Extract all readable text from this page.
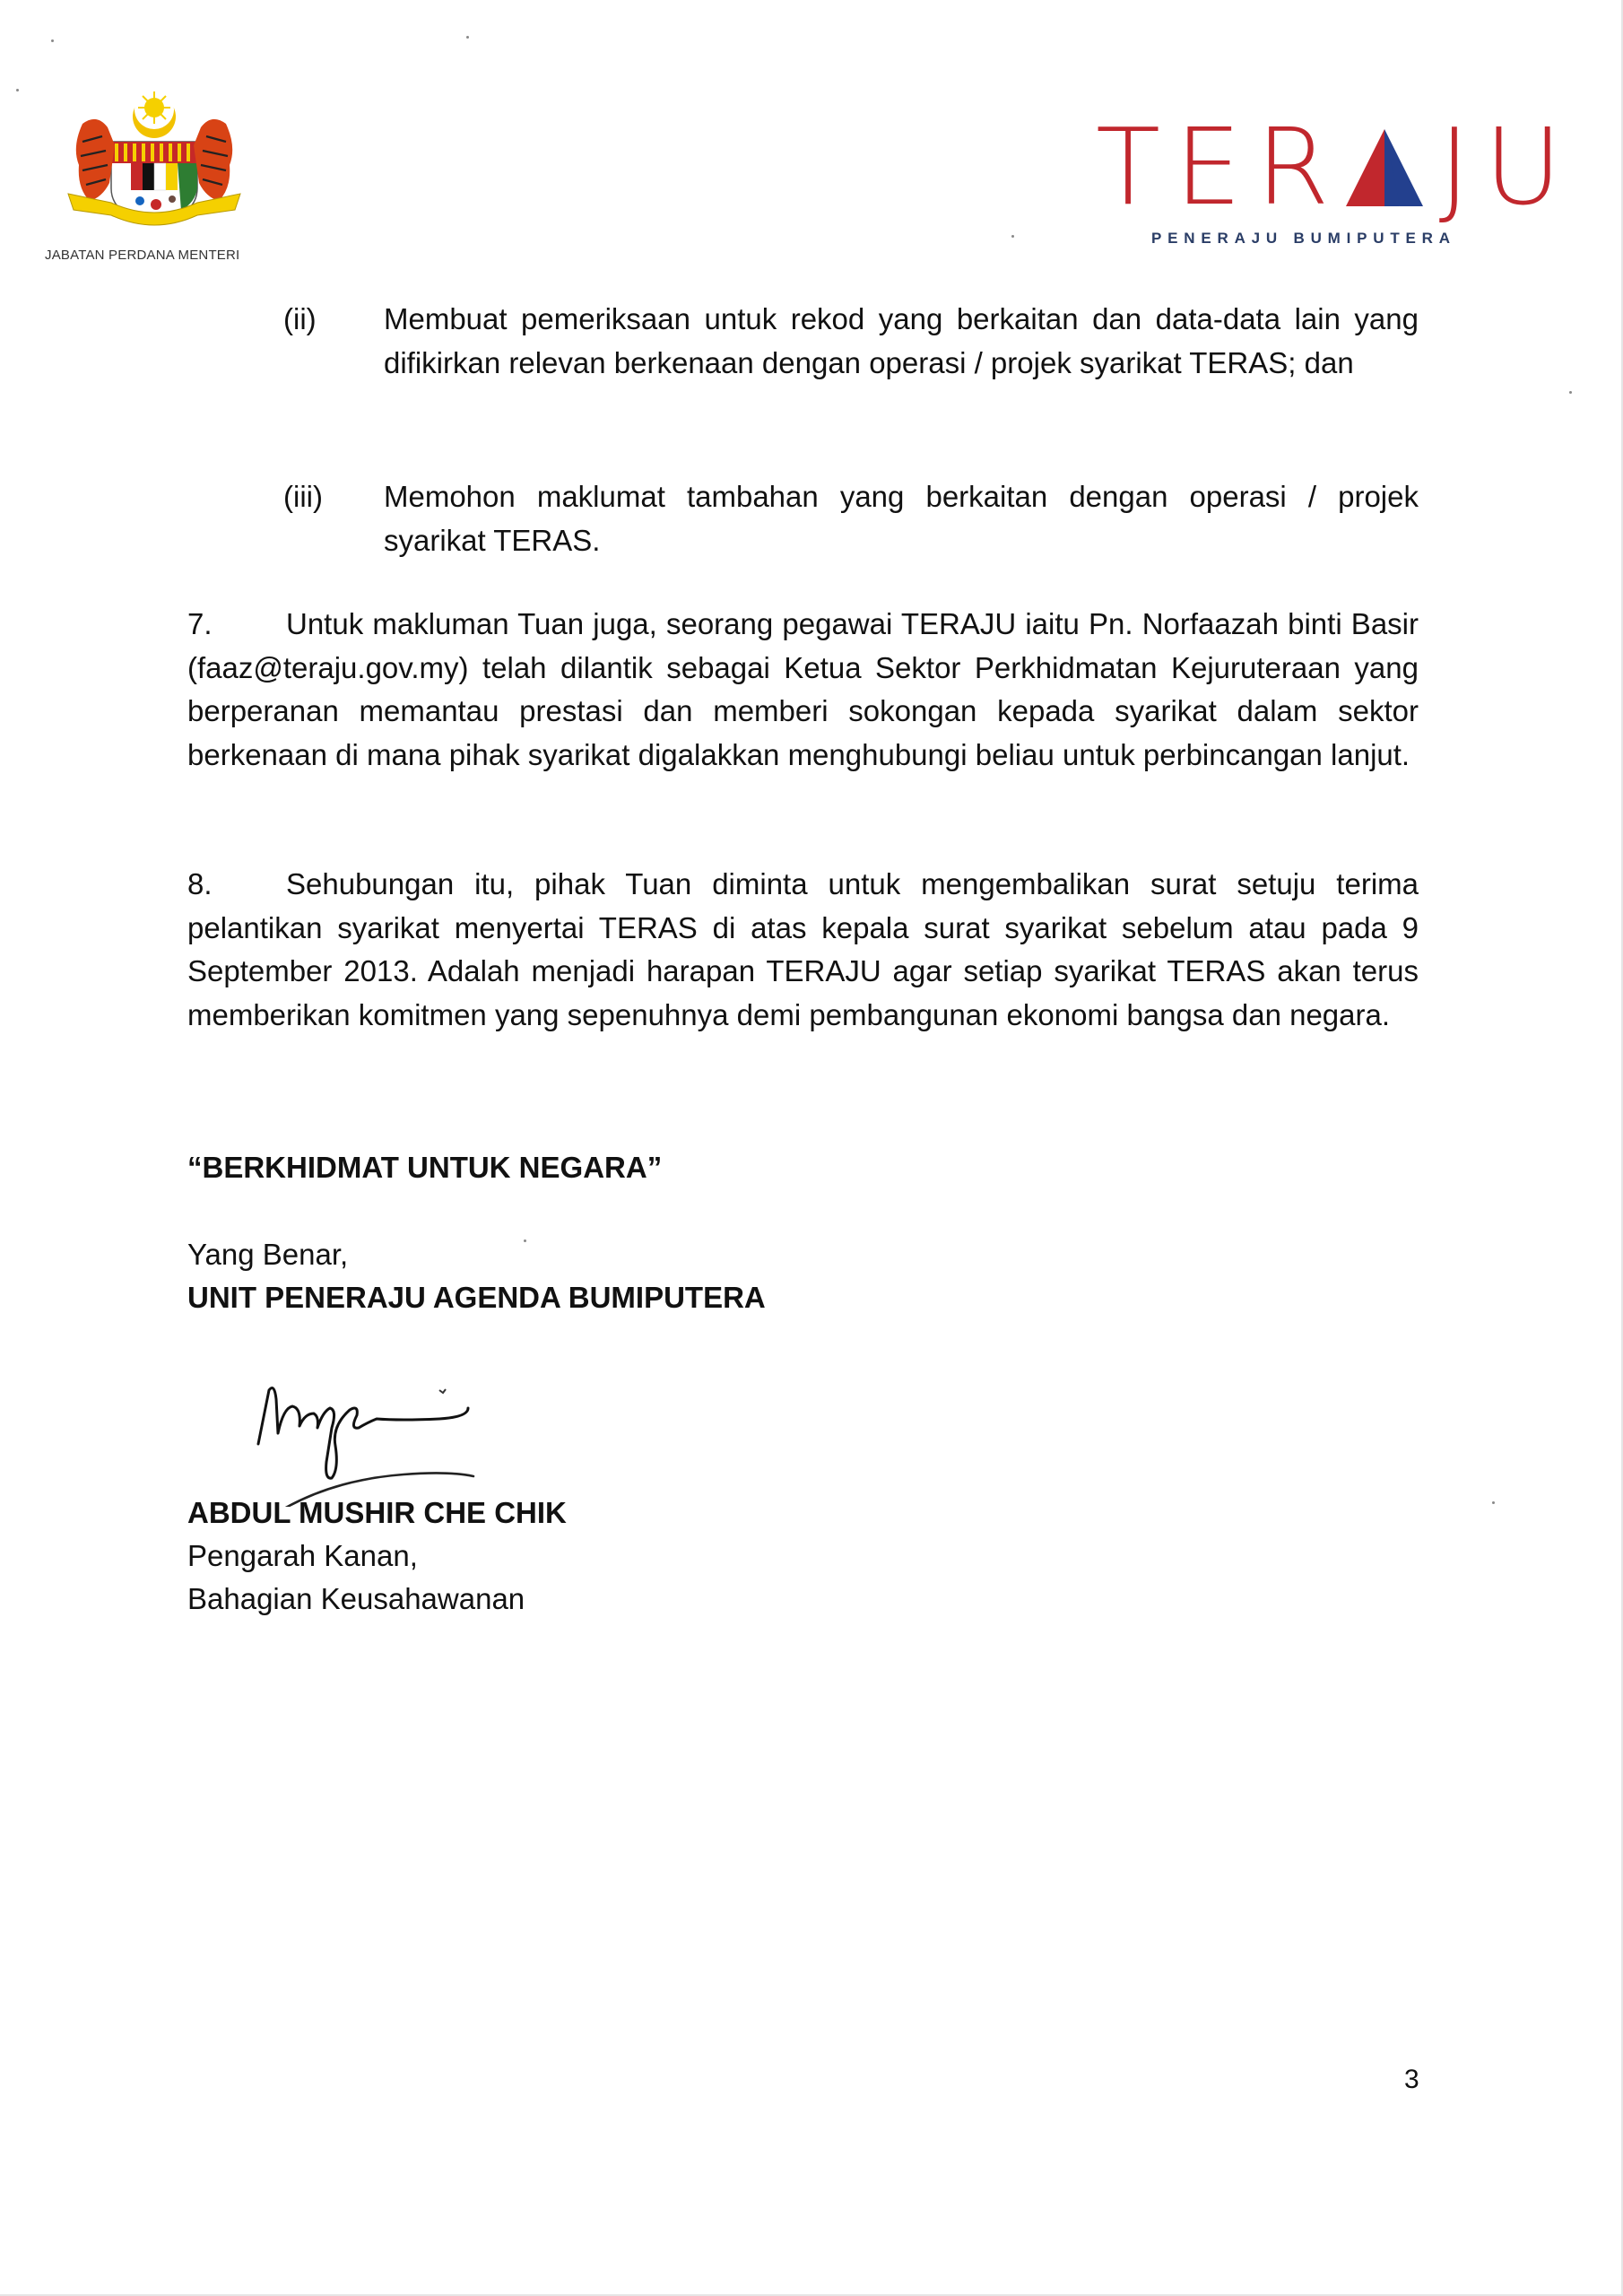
JABATAN PERDANA MENTERI
TER JU
PENERAJU BUMIPUTERA
(ii)	Membuat pemeriksaan untuk rekod yang berkaitan dan data-data lain yang difikirkan relevan berkenaan dengan operasi / projek syarikat TERAS; dan
(iii)	Memohon maklumat tambahan yang berkaitan dengan operasi / projek syarikat TERAS.
7. Untuk makluman Tuan juga, seorang pegawai TERAJU iaitu Pn. Norfaazah binti Basir (faaz@teraju.gov.my) telah dilantik sebagai Ketua Sektor Perkhidmatan Kejuruteraan yang berperanan memantau prestasi dan memberi sokongan kepada syarikat dalam sektor berkenaan di mana pihak syarikat digalakkan menghubungi beliau untuk perbincangan lanjut.
8. Sehubungan itu, pihak Tuan diminta untuk mengembalikan surat setuju terima pelantikan syarikat menyertai TERAS di atas kepala surat syarikat sebelum atau pada 9 September 2013. Adalah menjadi harapan TERAJU agar setiap syarikat TERAS akan terus memberikan komitmen yang sepenuhnya demi pembangunan ekonomi bangsa dan negara.
“BERKHIDMAT UNTUK NEGARA”
Yang Benar,
UNIT PENERAJU AGENDA BUMIPUTERA
ABDUL MUSHIR CHE CHIK
Pengarah Kanan,
Bahagian Keusahawanan
3
